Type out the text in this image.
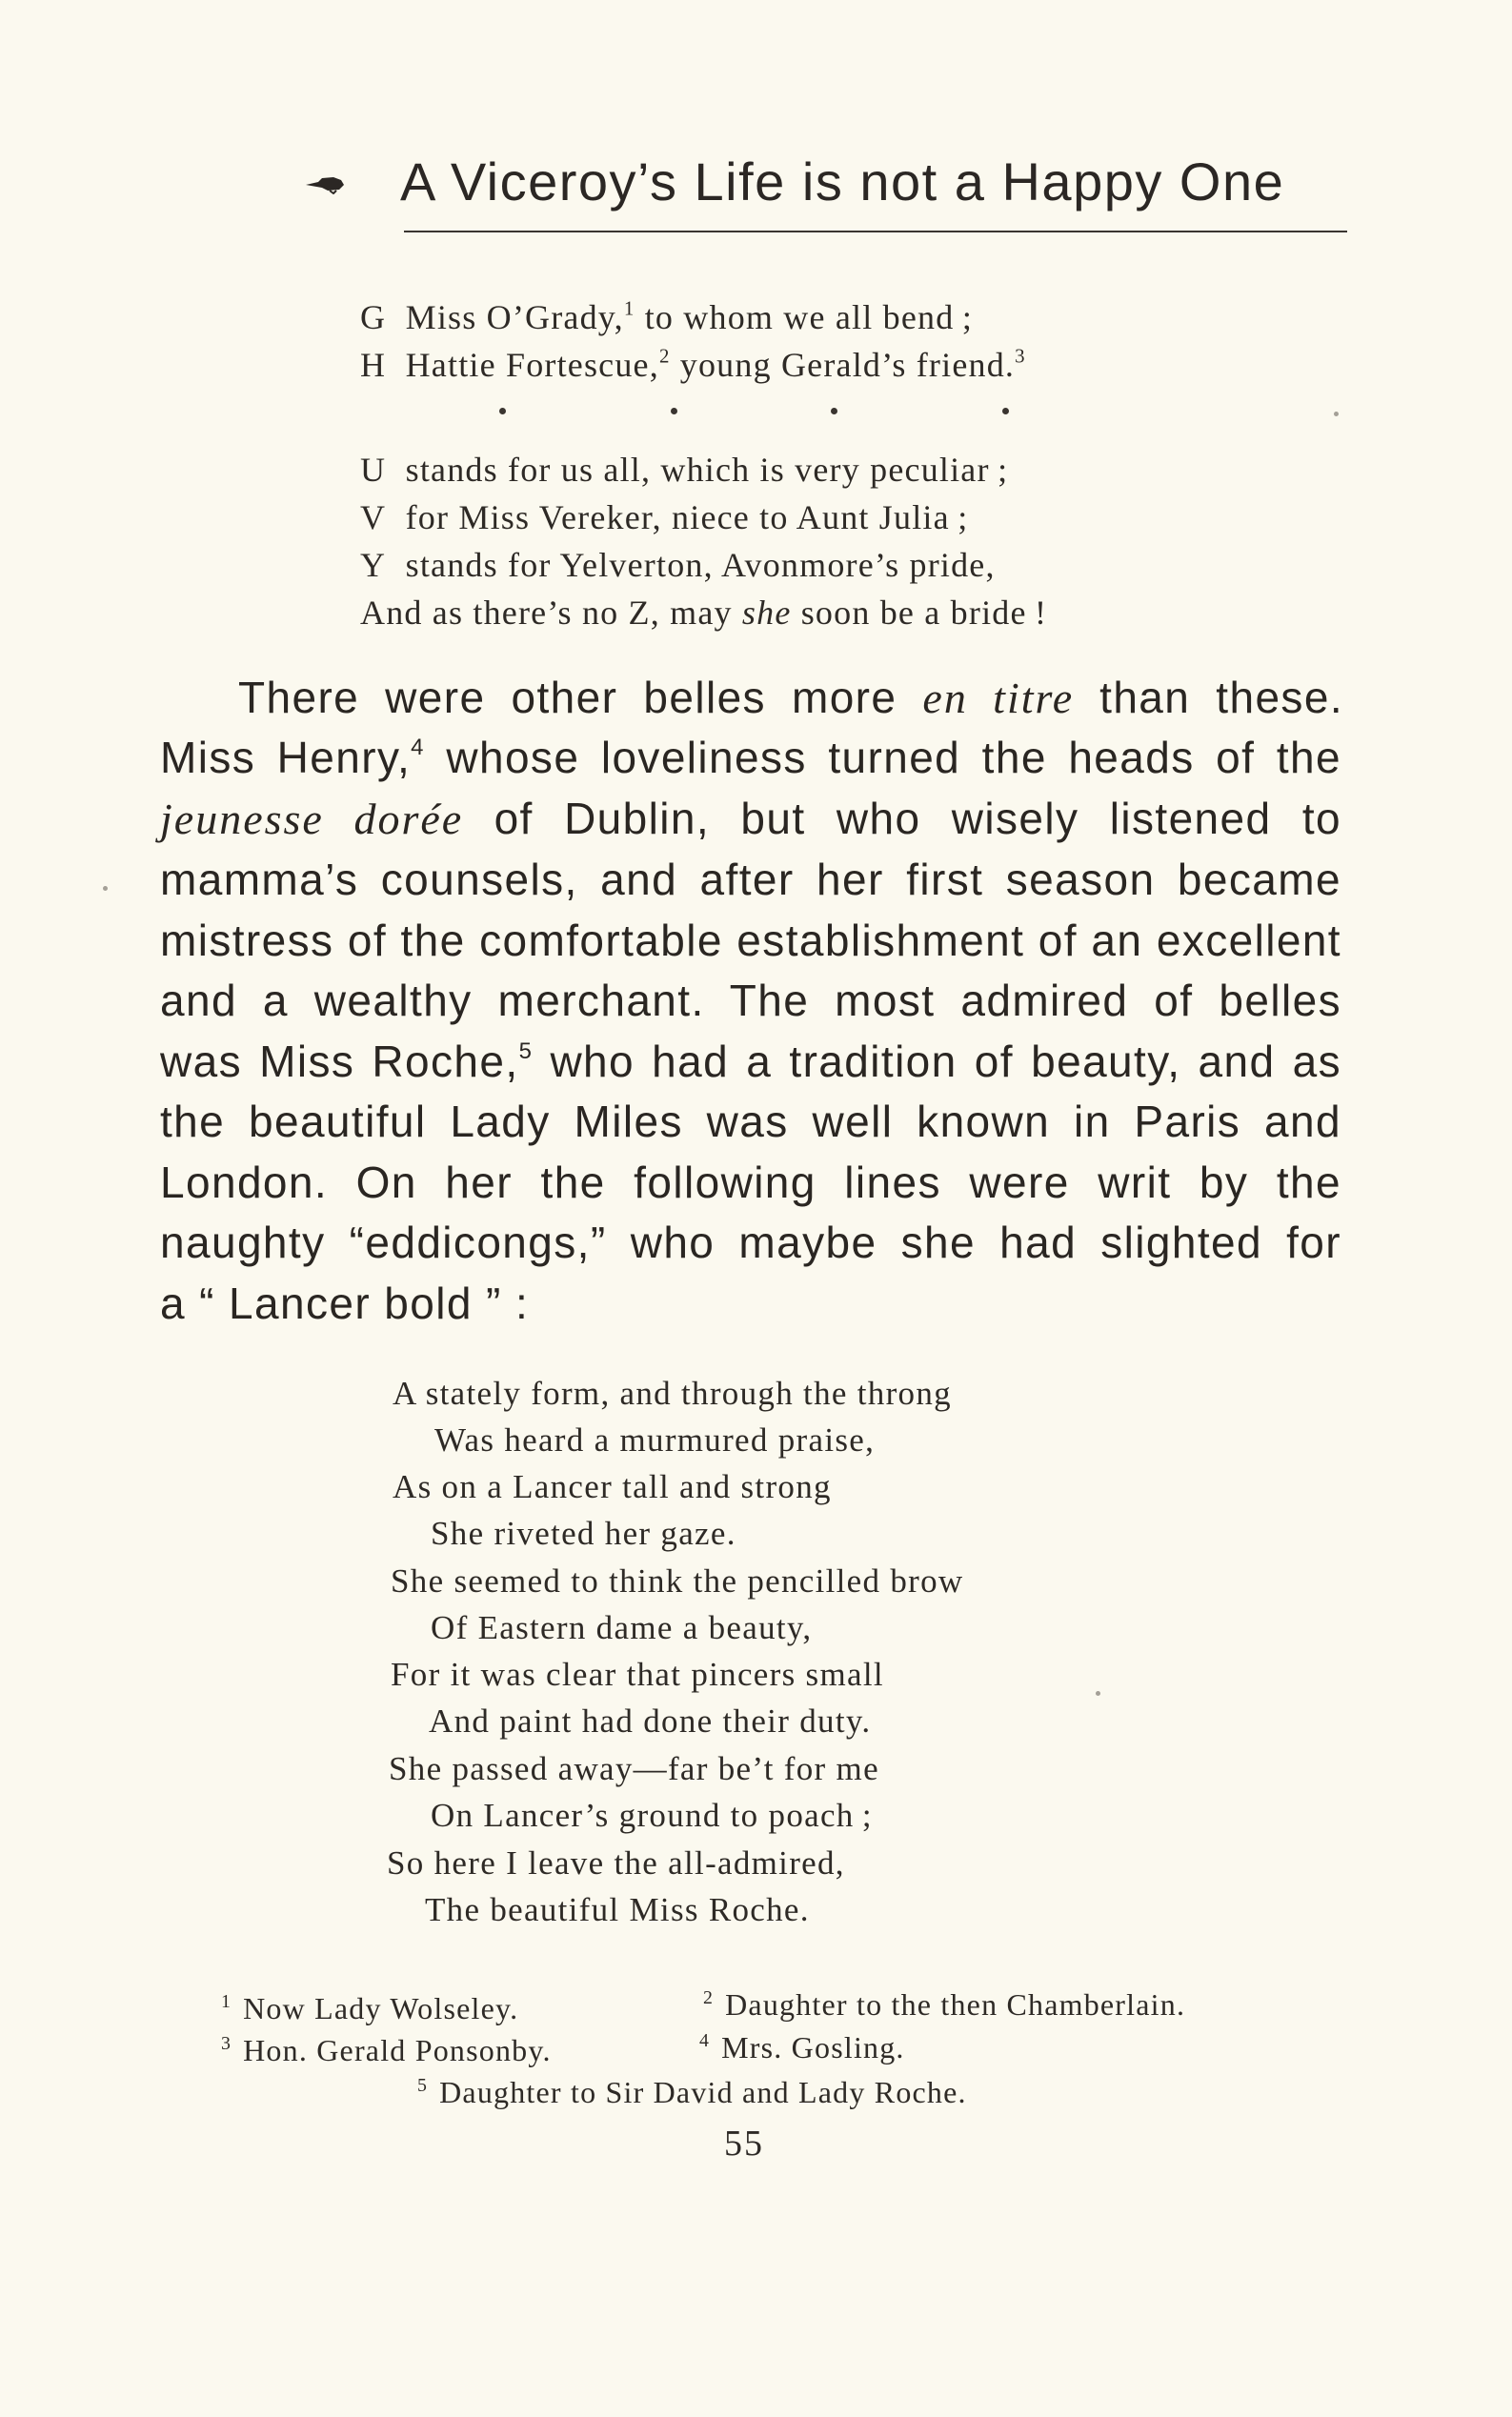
A Viceroy’s Life is not a Happy One
G Miss O’Grady,$^1$ to whom we all bend ;
H Hattie Fortescue,$^2$ young Gerald’s friend.$^3$
U stands for us all, which is very peculiar ;
V for Miss Vereker, niece to Aunt Julia ;
Y stands for Yelverton, Avonmore’s pride,
And as there’s no Z, may she soon be a bride !
There were other belles more en titre than these.
Miss Henry,$^4$ whose loveliness turned the heads of the
jeunesse dorée of Dublin, but who wisely listened to
mamma’s counsels, and after her first season became
mistress of the comfortable establishment of an excellent
and a wealthy merchant. The most admired of belles
was Miss Roche,$^5$ who had a tradition of beauty, and as
the beautiful Lady Miles was well known in Paris and
London. On her the following lines were writ by the
naughty “eddicongs,” who maybe she had slighted for
a “ Lancer bold ” :
A stately form, and through the throng
Was heard a murmured praise,
As on a Lancer tall and strong
She riveted her gaze.
She seemed to think the pencilled brow
Of Eastern dame a beauty,
For it was clear that pincers small
And paint had done their duty.
She passed away—far be’t for me
On Lancer’s ground to poach ;
So here I leave the all-admired,
The beautiful Miss Roche.
$^1$ Now Lady Wolseley.	$^2$ Daughter to the then Chamberlain.
$^3$ Hon. Gerald Ponsonby.	$^4$ Mrs. Gosling.
$^5$ Daughter to Sir David and Lady Roche.
55
